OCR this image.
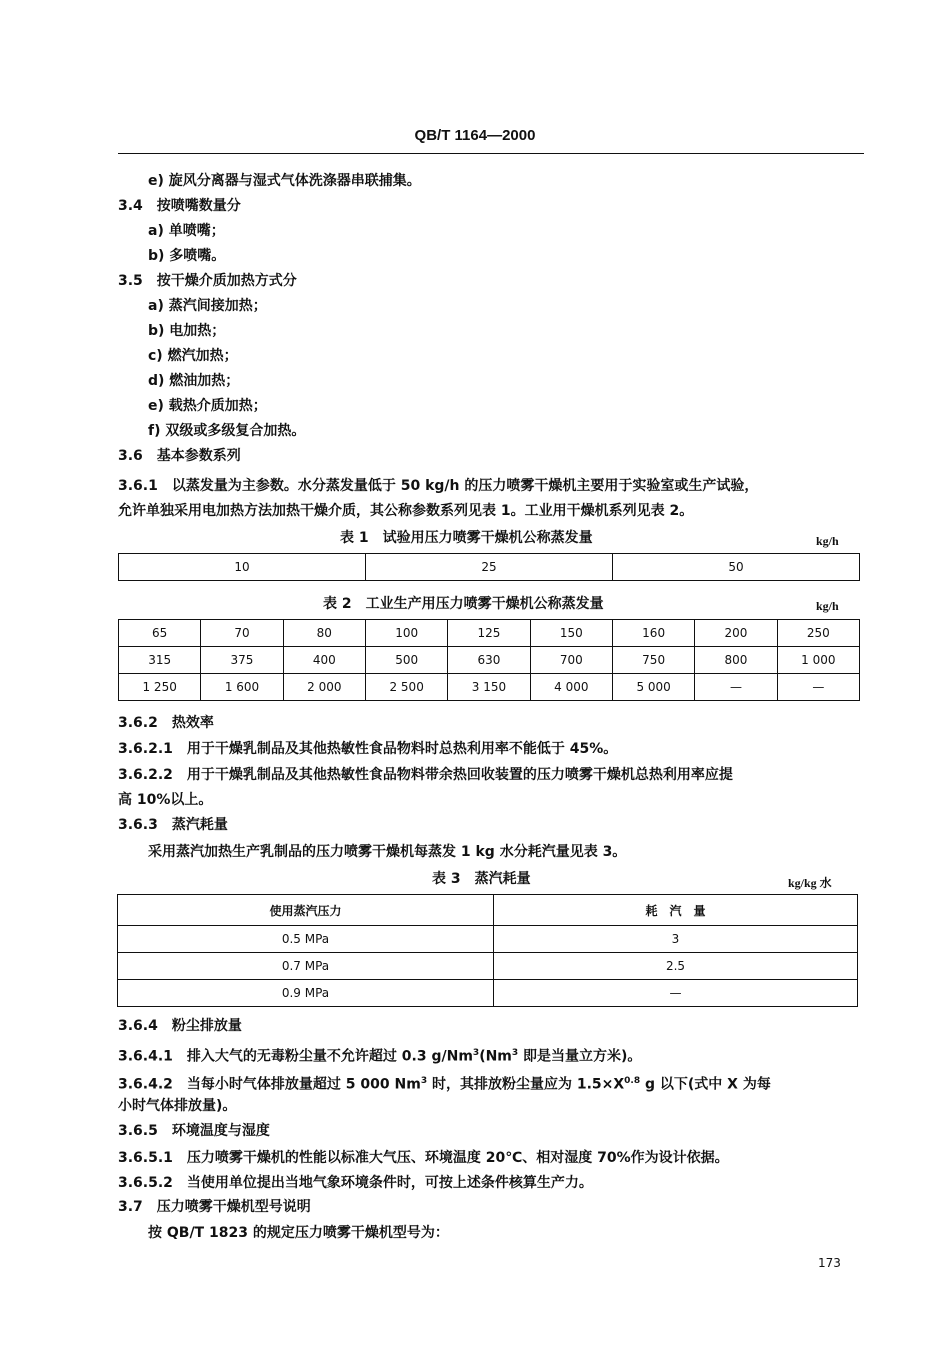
QB/T 1164—2000
e) 旋风分离器与湿式气体洗涤器串联捕集。
3.4　按喷嘴数量分
a) 单喷嘴；
b) 多喷嘴。
3.5　按干燥介质加热方式分
a) 蒸汽间接加热；
b) 电加热；
c) 燃汽加热；
d) 燃油加热；
e) 载热介质加热；
f) 双级或多级复合加热。
3.6　基本参数系列
3.6.1　以蒸发量为主参数。水分蒸发量低于 50 kg/h 的压力喷雾干燥机主要用于实验室或生产试验，
允许单独采用电加热方法加热干燥介质，其公称参数系列见表 1。工业用干燥机系列见表 2。
表 1　试验用压力喷雾干燥机公称蒸发量	kg/h
10	25	50
表 2　工业生产用压力喷雾干燥机公称蒸发量	kg/h
65	70	80	100	125	150	160	200	250
315	375	400	500	630	700	750	800	1 000
1 250	1 600	2 000	2 500	3 150	4 000	5 000	—	—
3.6.2　热效率
3.6.2.1　用于干燥乳制品及其他热敏性食品物料时总热利用率不能低于 45%。
3.6.2.2　用于干燥乳制品及其他热敏性食品物料带余热回收装置的压力喷雾干燥机总热利用率应提
高 10%以上。
3.6.3　蒸汽耗量
采用蒸汽加热生产乳制品的压力喷雾干燥机每蒸发 1 kg 水分耗汽量见表 3。
表 3　蒸汽耗量	kg/kg 水
使用蒸汽压力	耗　汽　量
0.5 MPa	3
0.7 MPa	2.5
0.9 MPa	—
3.6.4　粉尘排放量
3.6.4.1　排入大气的无毒粉尘量不允许超过 0.3 g/Nm$^3$(Nm$^3$ 即是当量立方米)。
3.6.4.2　当每小时气体排放量超过 5 000 Nm$^3$ 时，其排放粉尘量应为 $1.5\times X^{0.8}$ g 以下(式中 X 为每
小时气体排放量)。
3.6.5　环境温度与湿度
3.6.5.1　压力喷雾干燥机的性能以标准大气压、环境温度 20℃、相对湿度 70%作为设计依据。
3.6.5.2　当使用单位提出当地气象环境条件时，可按上述条件核算生产力。
3.7　压力喷雾干燥机型号说明
按 QB/T 1823 的规定压力喷雾干燥机型号为：
173
